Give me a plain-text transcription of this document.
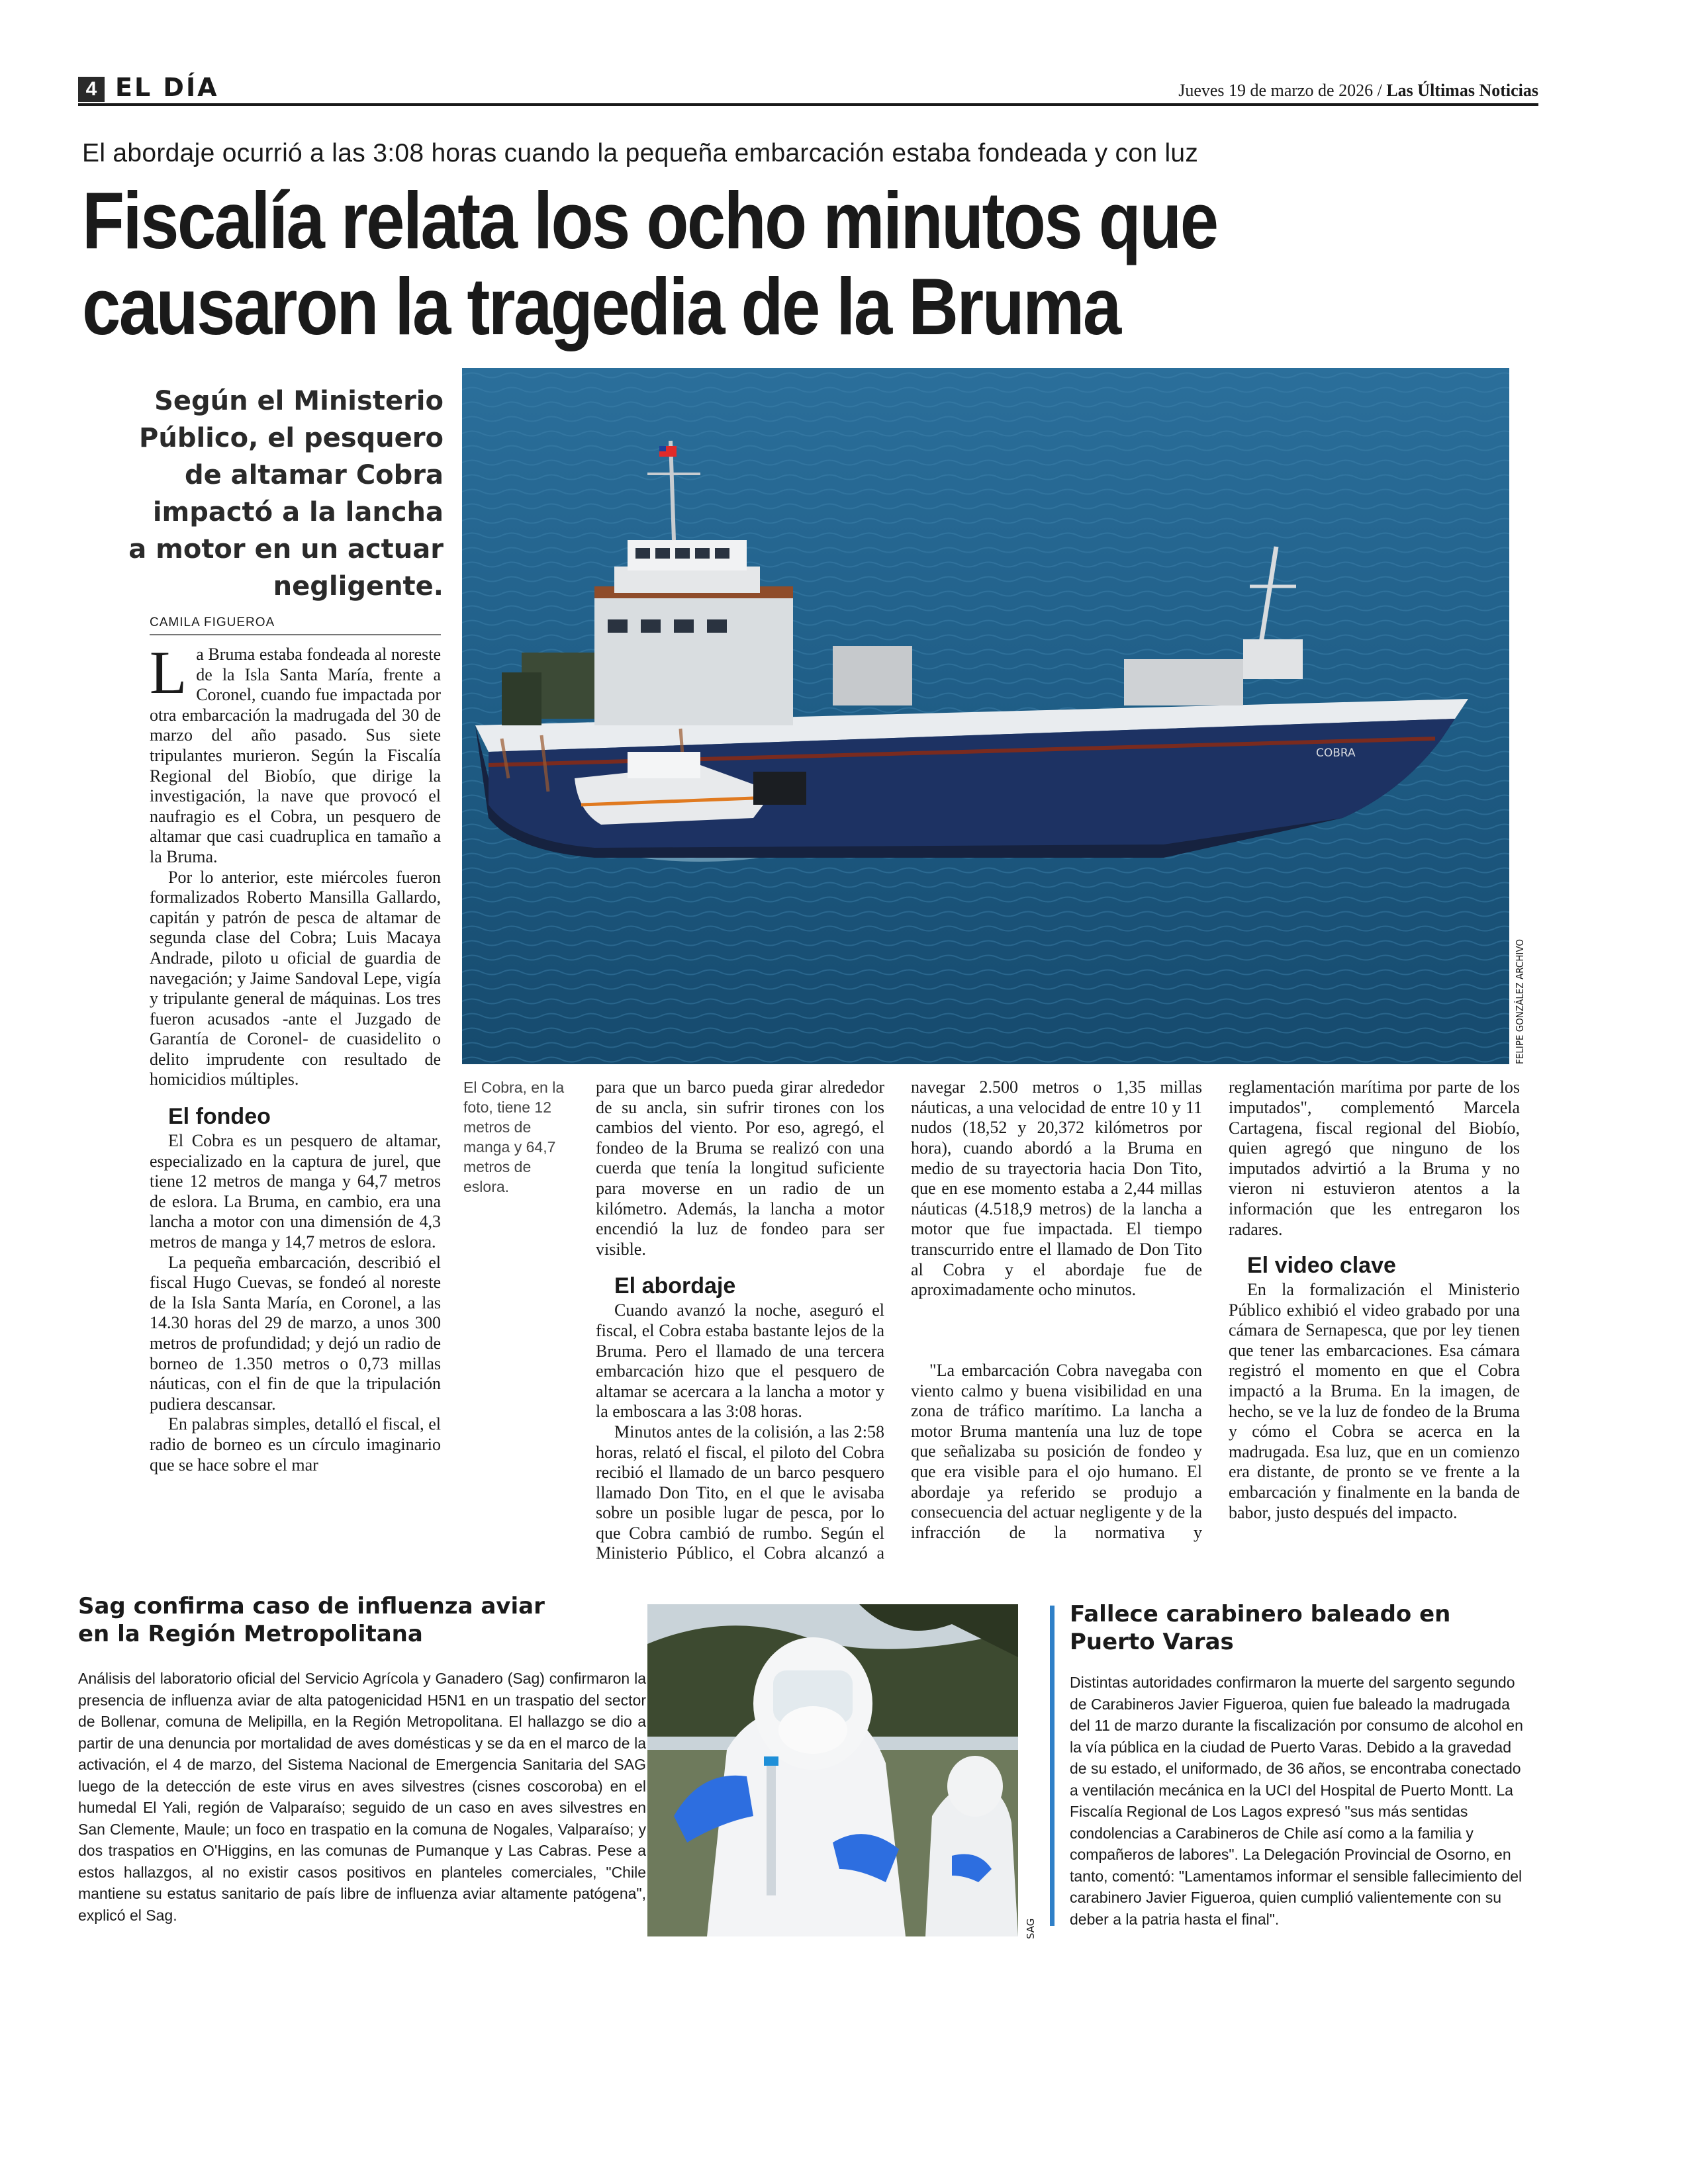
4 EL DÍA	Jueves 19 de marzo de 2026 / Las Últimas Noticias
El abordaje ocurrió a las 3:08 horas cuando la pequeña embarcación estaba fondeada y con luz
Fiscalía relata los ocho minutos que
causaron la tragedia de la Bruma
Según el Ministerio Público, el pesquero de altamar Cobra impactó a la lancha a motor en un actuar negligente.
COBRA
FELIPE GONZÁLEZ ARCHIVO
El Cobra, en la foto, tiene 12 metros de manga y 64,7 metros de eslora.
CAMILA FIGUEROA

La Bruma estaba fondeada al noreste de la Isla Santa María, frente a Coronel, cuando fue impactada por otra embarcación la madrugada del 30 de marzo del año pasado. Sus siete tripulantes murieron. Según la Fiscalía Regional del Biobío, que dirige la investigación, la nave que provocó el naufragio es el Cobra, un pesquero de altamar que casi cuadruplica en tamaño a la Bruma.

Por lo anterior, este miércoles fueron formalizados Roberto Mansilla Gallardo, capitán y patrón de pesca de altamar de segunda clase del Cobra; Luis Macaya Andrade, piloto u oficial de guardia de navegación; y Jaime Sandoval Lepe, vigía y tripulante general de máquinas. Los tres fueron acusados -ante el Juzgado de Garantía de Coronel- de cuasidelito o delito imprudente con resultado de homicidios múltiples.

El fondeo

El Cobra es un pesquero de altamar, especializado en la captura de jurel, que tiene 12 metros de manga y 64,7 metros de eslora. La Bruma, en cambio, era una lancha a motor con una dimensión de 4,3 metros de manga y 14,7 metros de eslora.

La pequeña embarcación, describió el fiscal Hugo Cuevas, se fondeó al noreste de la Isla Santa María, en Coronel, a las 14.30 horas del 29 de marzo, a unos 300 metros de profundidad; y dejó un radio de borneo de 1.350 metros o 0,73 millas náuticas, con el fin de que la tripulación pudiera descansar.

En palabras simples, detalló el fiscal, el radio de borneo es un círculo imaginario que se hace sobre el mar

para que un barco pueda girar alrededor de su ancla, sin sufrir tirones con los cambios del viento. Por eso, agregó, el fondeo de la Bruma se realizó con una cuerda que tenía la longitud suficiente para moverse en un radio de un kilómetro. Además, la lancha a motor encendió la luz de fondeo para ser visible.

El abordaje

Cuando avanzó la noche, aseguró el fiscal, el Cobra estaba bastante lejos de la Bruma. Pero el llamado de una tercera embarcación hizo que el pesquero de altamar se acercara a la lancha a motor y la emboscara a las 3:08 horas.

Minutos antes de la colisión, a las 2:58 horas, relató el fiscal, el piloto del Cobra recibió el llamado de un barco pesquero llamado Don Tito, en el que le avisaba sobre un posible lugar de pesca, por lo que Cobra cambió de rumbo. Según el Ministerio Público, el Cobra alcanzó a

navegar 2.500 metros o 1,35 millas náuticas, a una velocidad de entre 10 y 11 nudos (18,52 y 20,372 kilómetros por hora), cuando abordó a la Bruma en medio de su trayectoria hacia Don Tito, que en ese momento estaba a 2,44 millas náuticas (4.518,9 metros) de la lancha a motor que fue impactada. El tiempo transcurrido entre el llamado de Don Tito al Cobra y el abordaje fue de aproximadamente ocho minutos.

"La embarcación Cobra navegaba con viento calmo y buena visibilidad en una zona de tráfico marítimo. La lancha a motor Bruma mantenía una luz de tope que señalizaba su posición de fondeo y que era visible para el ojo humano. El abordaje ya referido se produjo a consecuencia del actuar negligente y de la infracción de la normativa y

reglamentación marítima por parte de los imputados", complementó Marcela Cartagena, fiscal regional del Biobío, quien agregó que ninguno de los imputados advirtió a la Bruma y no vieron ni estuvieron atentos a la información que les entregaron los radares.

El video clave

En la formalización el Ministerio Público exhibió el video grabado por una cámara de Sernapesca, que por ley tienen que tener las embarcaciones. Esa cámara registró el momento en que el Cobra impactó a la Bruma. En la imagen, de hecho, se ve la luz de fondeo de la Bruma y cómo el Cobra se acerca en la madrugada. Esa luz, que en un comienzo era distante, de pronto se ve frente a la embarcación y finalmente en la banda de babor, justo después del impacto.

Sag confirma caso de influenza aviar en la Región Metropolitana
Análisis del laboratorio oficial del Servicio Agrícola y Ganadero (Sag) confirmaron la presencia de influenza aviar de alta patogenicidad H5N1 en un traspatio del sector de Bollenar, comuna de Melipilla, en la Región Metropolitana. El hallazgo se dio a partir de una denuncia por mortalidad de aves domésticas y se da en el marco de la activación, el 4 de marzo, del Sistema Nacional de Emergencia Sanitaria del SAG luego de la detección de este virus en aves silvestres (cisnes coscoroba) en el humedal El Yali, región de Valparaíso; seguido de un caso en aves silvestres en San Clemente, Maule; un foco en traspatio en la comuna de Nogales, Valparaíso; y dos traspatios en O'Higgins, en las comunas de Pumanque y Las Cabras. Pese a estos hallazgos, al no existir casos positivos en planteles comerciales, "Chile mantiene su estatus sanitario de país libre de influenza aviar altamente patógena", explicó el Sag.
SAG
Fallece carabinero baleado en Puerto Varas
Distintas autoridades confirmaron la muerte del sargento segundo de Carabineros Javier Figueroa, quien fue baleado la madrugada del 11 de marzo durante la fiscalización por consumo de alcohol en la vía pública en la ciudad de Puerto Varas. Debido a la gravedad de su estado, el uniformado, de 36 años, se encontraba conectado a ventilación mecánica en la UCI del Hospital de Puerto Montt. La Fiscalía Regional de Los Lagos expresó "sus más sentidas condolencias a Carabineros de Chile así como a la familia y compañeros de labores". La Delegación Provincial de Osorno, en tanto, comentó: "Lamentamos informar el sensible fallecimiento del carabinero Javier Figueroa, quien cumplió valientemente con su deber a la patria hasta el final".
